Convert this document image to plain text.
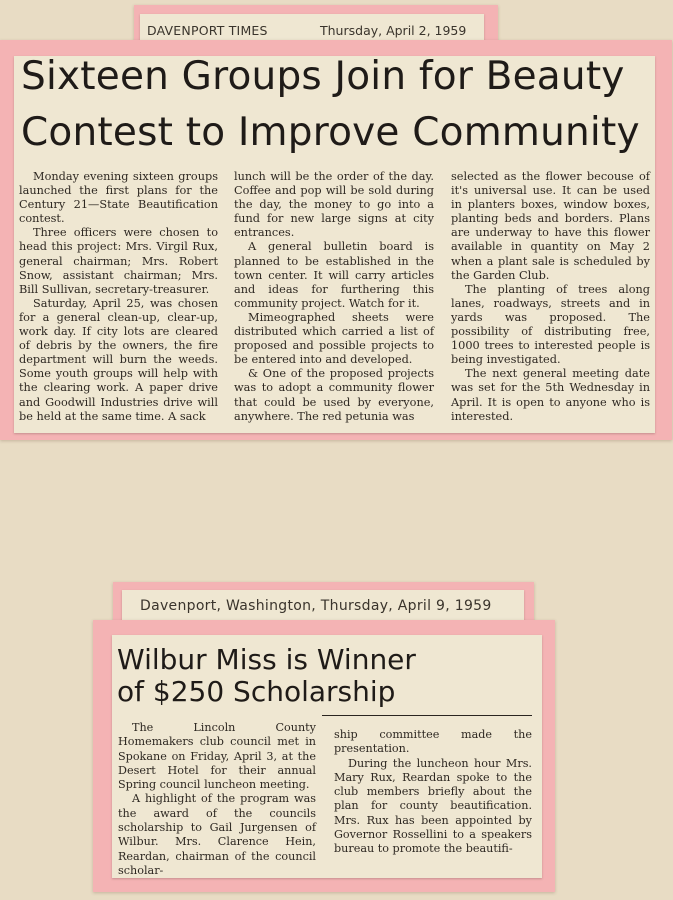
DAVENPORT TIMES	Thursday, April 2, 1959
Sixteen Groups Join for Beauty
Contest to Improve Community

Monday evening sixteen groups launched the first plans for the Century 21—State Beautification contest.

Three officers were chosen to head this project: Mrs. Virgil Rux, general chairman; Mrs. Robert Snow, assistant chairman; Mrs. Bill Sullivan, secretary-treasurer.

Saturday, April 25, was chosen for a general clean-up, clear-up, work day. If city lots are cleared of debris by the owners, the fire department will burn the weeds. Some youth groups will help with the clearing work. A paper drive and Goodwill Industries drive will be held at the same time. A sack

lunch will be the order of the day. Coffee and pop will be sold during the day, the money to go into a fund for new large signs at city entrances.

A general bulletin board is planned to be established in the town center. It will carry articles and ideas for furthering this community project. Watch for it.

Mimeographed sheets were distributed which carried a list of proposed and possible projects to be entered into and developed.

& One of the proposed projects was to adopt a community flower that could be used by everyone, anywhere. The red petunia was

selected as the flower becouse of it's universal use. It can be used in planters boxes, window boxes, planting beds and borders. Plans are underway to have this flower available in quantity on May 2 when a plant sale is scheduled by the Garden Club.

The planting of trees along lanes, roadways, streets and in yards was proposed. The possibility of distributing free, 1000 trees to interested people is being investigated.

The next general meeting date was set for the 5th Wednesday in April. It is open to anyone who is interested.

Davenport, Washington, Thursday, April 9, 1959
Wilbur Miss is Winner
of $250 Scholarship

The Lincoln County Homemakers club council met in Spokane on Friday, April 3, at the Desert Hotel for their annual Spring council luncheon meeting.

A highlight of the program was the award of the councils scholarship to Gail Jurgensen of Wilbur. Mrs. Clarence Hein, Reardan, chairman of the council scholar-

ship committee made the presentation.

During the luncheon hour Mrs. Mary Rux, Reardan spoke to the club members briefly about the plan for county beautification. Mrs. Rux has been appointed by Governor Rossellini to a speakers bureau to promote the beautifi-
